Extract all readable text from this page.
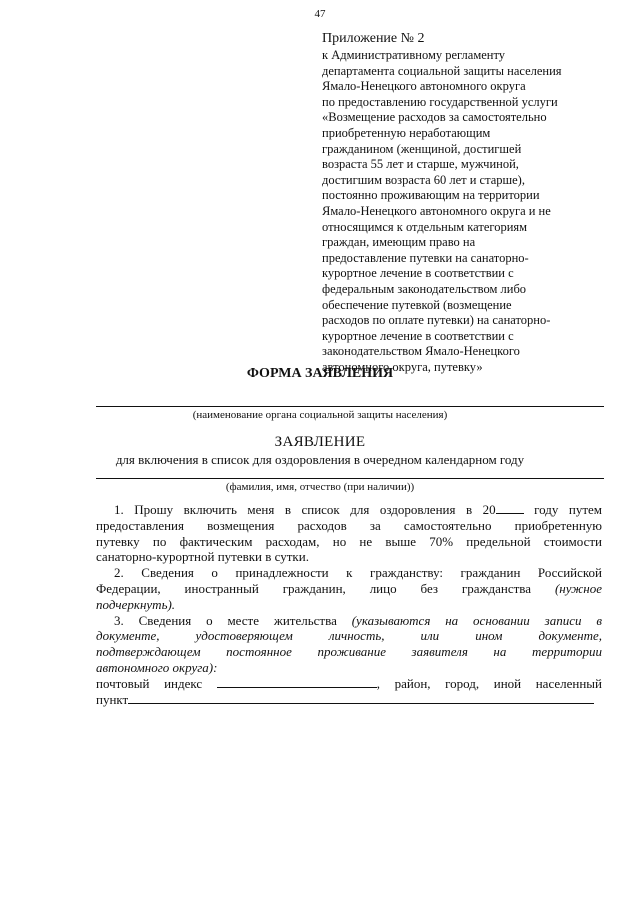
47
Приложение № 2
к Административному регламенту
департамента социальной защиты населения
Ямало-Ненецкого автономного округа
по предоставлению государственной услуги
«Возмещение расходов за самостоятельно
приобретенную неработающим
гражданином (женщиной, достигшей
возраста 55 лет и старше, мужчиной,
достигшим возраста 60 лет и старше),
постоянно проживающим на территории
Ямало-Ненецкого автономного округа и не
относящимся к отдельным категориям
граждан, имеющим право на
предоставление путевки на санаторно-
курортное лечение в соответствии с
федеральным законодательством либо
обеспечение путевкой (возмещение
расходов по оплате путевки) на санаторно-
курортное лечение в соответствии с
законодательством Ямало-Ненецкого
автономного округа, путевку»
ФОРМА ЗАЯВЛЕНИЯ
(наименование органа социальной защиты населения)
ЗАЯВЛЕНИЕ
для включения в список для оздоровления в очередном календарном году
(фамилия, имя, отчество (при наличии))
1. Прошу включить меня в список для оздоровления в 20 году путем
предоставления возмещения расходов за самостоятельно приобретенную
путевку по фактическим расходам, но не выше 70% предельной стоимости
санаторно-курортной путевки в сутки.
2. Сведения о принадлежности к гражданству: гражданин Российской
Федерации, иностранный гражданин, лицо без гражданства (нужное
подчеркнуть).
3. Сведения о месте жительства (указываются на основании записи в
документе, удостоверяющем личность, или ином документе,
подтверждающем постоянное проживание заявителя на территории
автономного округа):
почтовый индекс	, район, город, иной населенный
пункт
